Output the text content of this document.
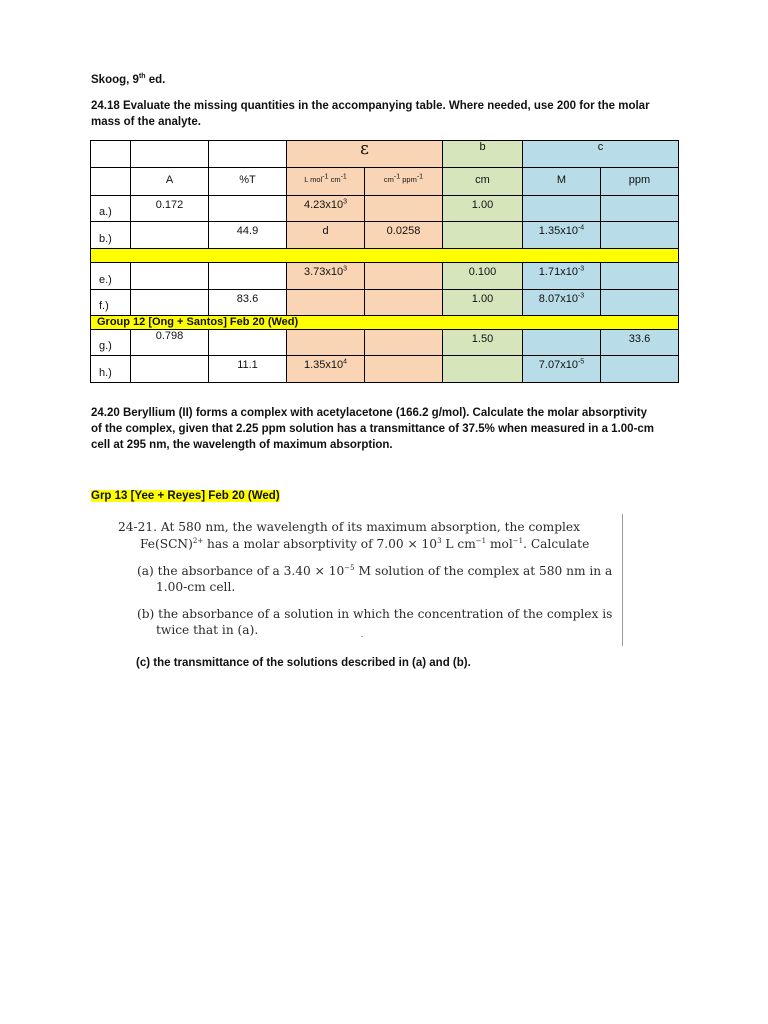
Skoog, 9th ed.
24.18 Evaluate the missing quantities in the accompanying table. Where needed, use 200 for the molar
mass of the analyte.
			ε		b	c	
	A	%T	$_{L mol^{-1} cm^{-1}}$	$_{cm^{-1} ppm^{-1}}$	cm	M	ppm
a.)	0.172		$4.23x10^3$		1.00		
b.)		44.9	d	0.0258		$1.35x10^{-4}$	

e.)			$3.73x10^3$		0.100	$1.71x10^{-3}$	
f.)		83.6			1.00	$8.07x10^{-3}$	
Group 12 [Ong + Santos] Feb 20 (Wed)							
g.)	0.798				1.50		33.6
h.)		11.1	$1.35x10^4$			$7.07x10^{-5}$	
24.20 Beryllium (II) forms a complex with acetylacetone (166.2 g/mol). Calculate the molar absorptivity
of the complex, given that 2.25 ppm solution has a transmittance of 37.5% when measured in a 1.00-cm
cell at 295 nm, the wavelength of maximum absorption.
Grp 13 [Yee + Reyes] Feb 20 (Wed)
24-21. At 580 nm, the wavelength of its maximum absorption, the complex
Fe(SCN)$^{2+}$ has a molar absorptivity of $7.00 \times 10^3$ L $cm^{-1}$ mol$^{-1}$. Calculate
(a) the absorbance of a $3.40 \times 10^{-5}$ M solution of the complex at 580 nm in a
1.00-cm cell.
(b) the absorbance of a solution in which the concentration of the complex is
twice that in (a).
(c) the transmittance of the solutions described in (a) and (b).
